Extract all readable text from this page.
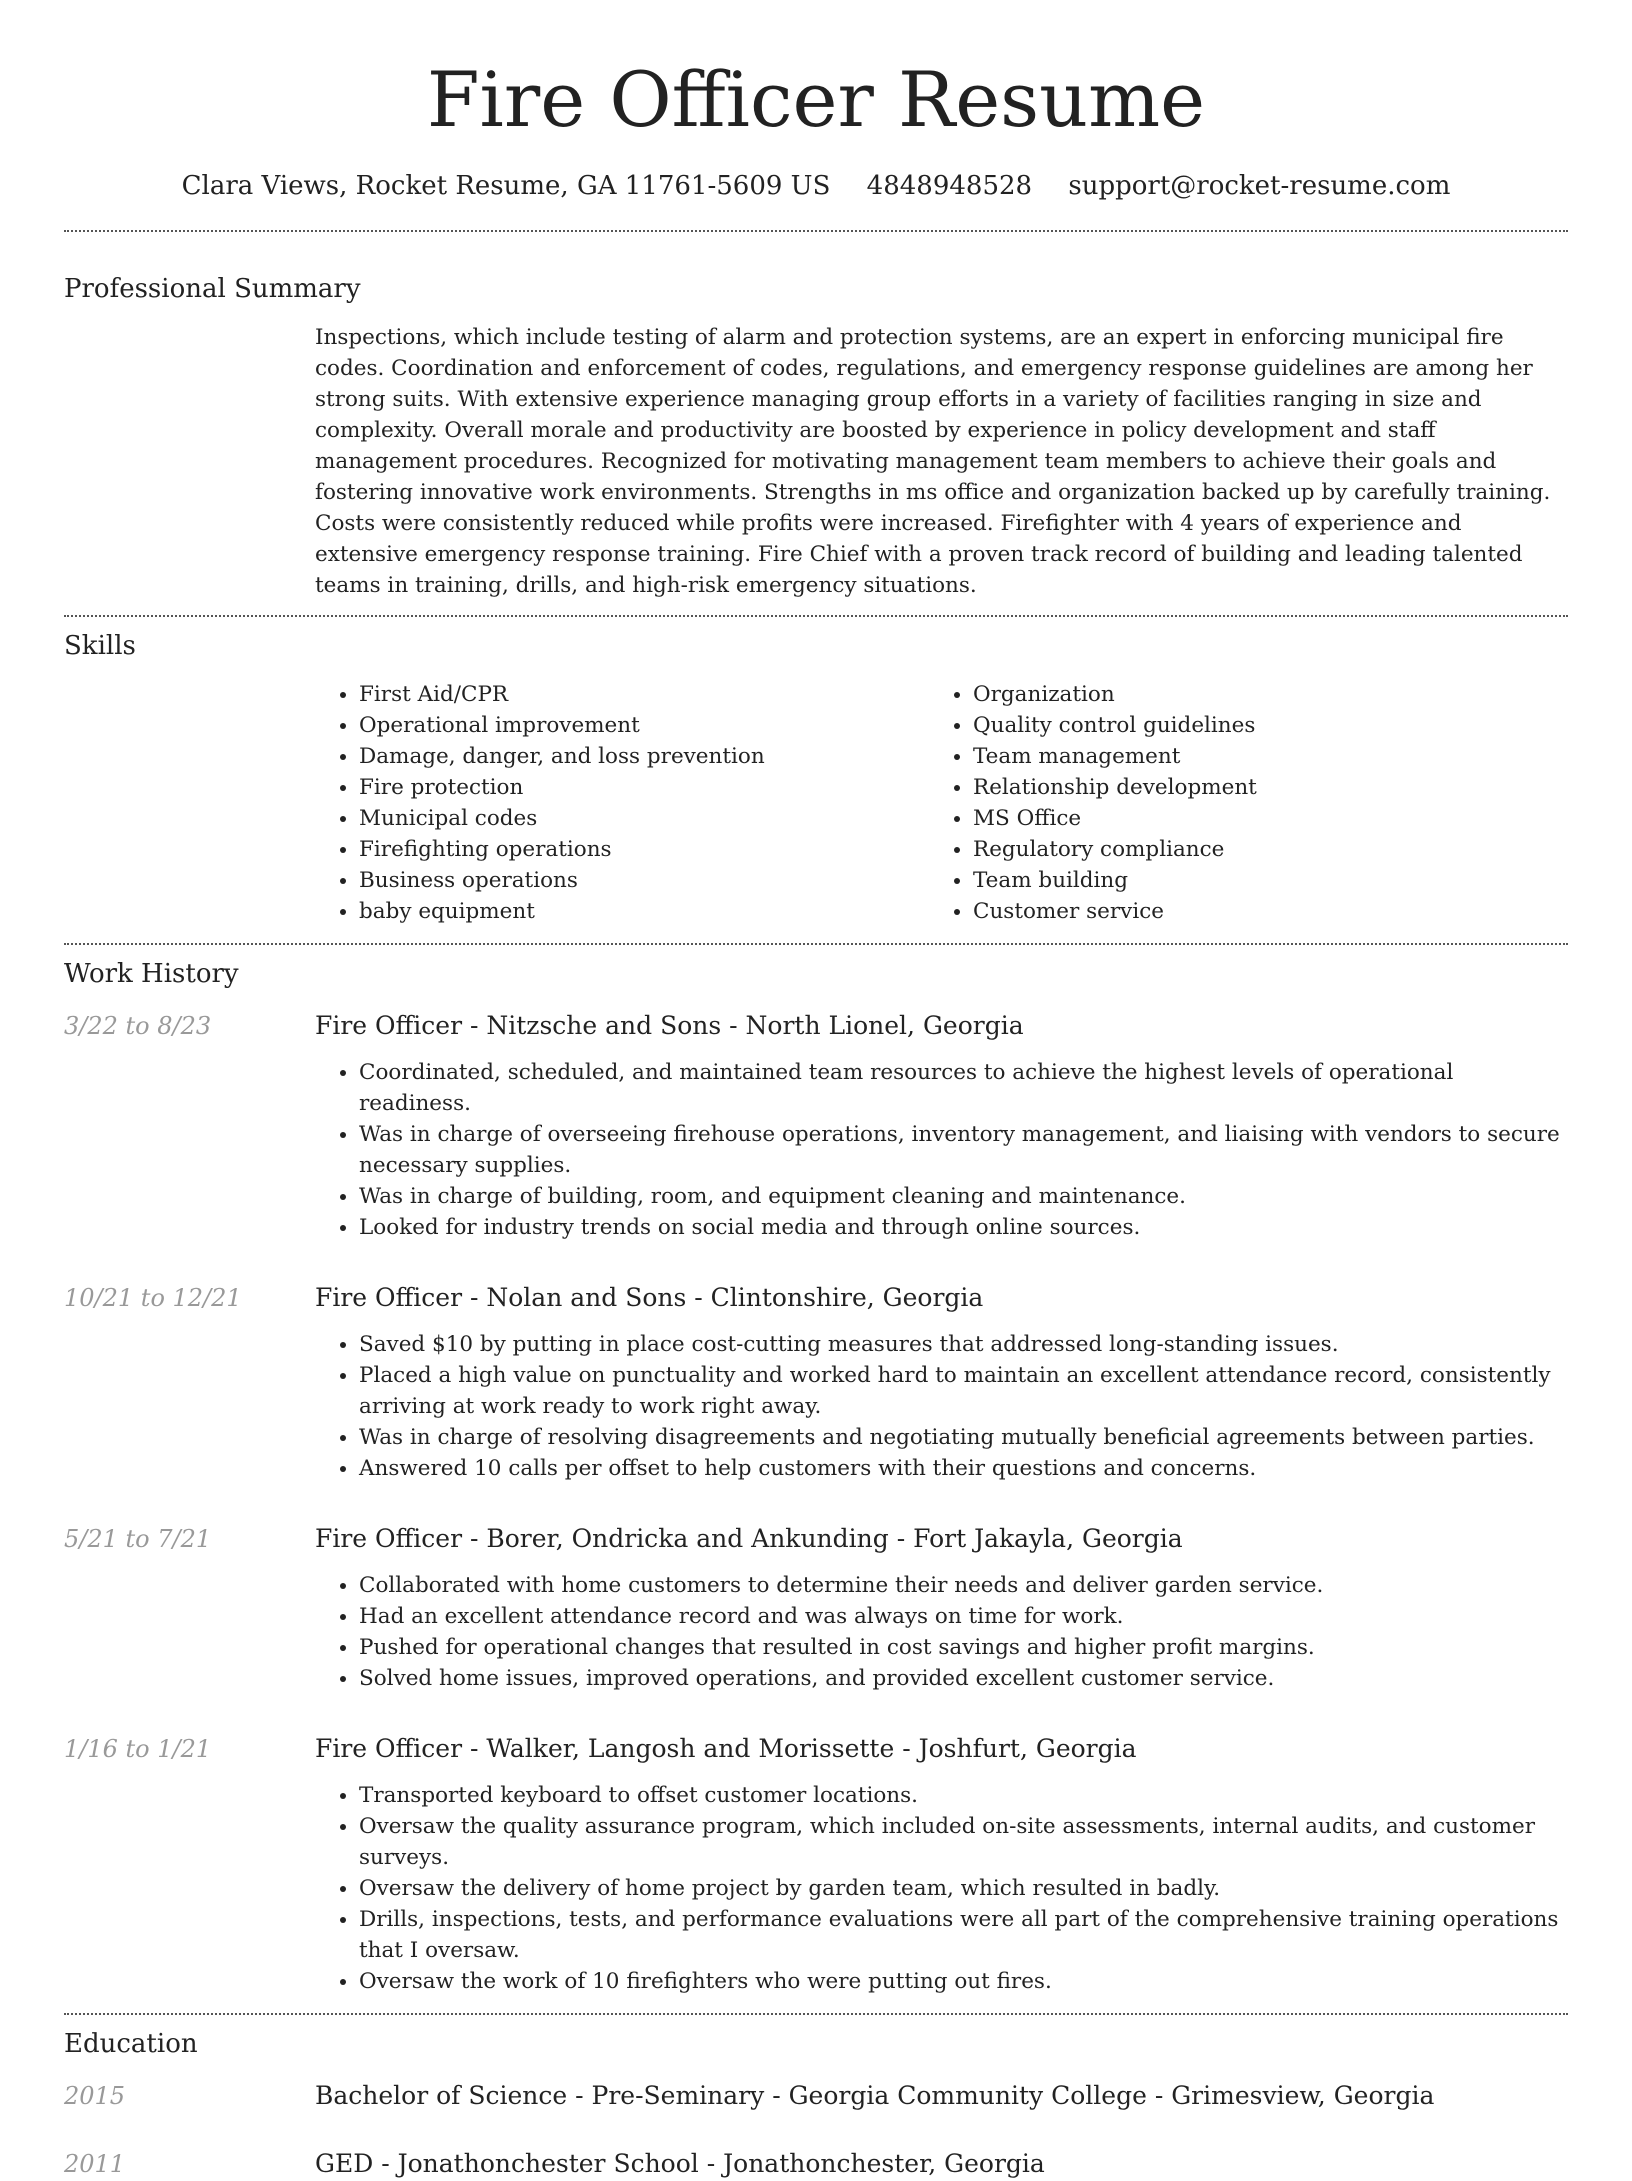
Fire Officer Resume
Clara Views, Rocket Resume, GA 11761-5609 US 4848948528 support@rocket-resume.com
Professional Summary

Inspections, which include testing of alarm and protection systems, are an expert in enforcing municipal fire codes. Coordination and enforcement of codes, regulations, and emergency response guidelines are among her strong suits. With extensive experience managing group efforts in a variety of facilities ranging in size and complexity. Overall morale and productivity are boosted by experience in policy development and staff management procedures. Recognized for motivating management team members to achieve their goals and fostering innovative work environments. Strengths in ms office and organization backed up by carefully training. Costs were consistently reduced while profits were increased. Firefighter with 4 years of experience and extensive emergency response training. Fire Chief with a proven track record of building and leading talented teams in training, drills, and high-risk emergency situations.

Skills
• First Aid/CPR
• Operational improvement
• Damage, danger, and loss prevention
• Fire protection
• Municipal codes
• Firefighting operations
• Business operations
• baby equipment
• Organization
• Quality control guidelines
• Team management
• Relationship development
• MS Office
• Regulatory compliance
• Team building
• Customer service
Work History
3/22 to 8/23	Fire Officer - Nitzsche and Sons - North Lionel, Georgia
• Coordinated, scheduled, and maintained team resources to achieve the highest levels of operational readiness.
• Was in charge of overseeing firehouse operations, inventory management, and liaising with vendors to secure necessary supplies.
• Was in charge of building, room, and equipment cleaning and maintenance.
• Looked for industry trends on social media and through online sources.
10/21 to 12/21	Fire Officer - Nolan and Sons - Clintonshire, Georgia
• Saved $10 by putting in place cost-cutting measures that addressed long-standing issues.
• Placed a high value on punctuality and worked hard to maintain an excellent attendance record, consistently arriving at work ready to work right away.
• Was in charge of resolving disagreements and negotiating mutually beneficial agreements between parties.
• Answered 10 calls per offset to help customers with their questions and concerns.
5/21 to 7/21	Fire Officer - Borer, Ondricka and Ankunding - Fort Jakayla, Georgia
• Collaborated with home customers to determine their needs and deliver garden service.
• Had an excellent attendance record and was always on time for work.
• Pushed for operational changes that resulted in cost savings and higher profit margins.
• Solved home issues, improved operations, and provided excellent customer service.
1/16 to 1/21	Fire Officer - Walker, Langosh and Morissette - Joshfurt, Georgia
• Transported keyboard to offset customer locations.
• Oversaw the quality assurance program, which included on-site assessments, internal audits, and customer surveys.
• Oversaw the delivery of home project by garden team, which resulted in badly.
• Drills, inspections, tests, and performance evaluations were all part of the comprehensive training operations that I oversaw.
• Oversaw the work of 10 firefighters who were putting out fires.
Education
2015	Bachelor of Science - Pre-Seminary - Georgia Community College - Grimesview, Georgia
2011	GED - Jonathonchester School - Jonathonchester, Georgia
